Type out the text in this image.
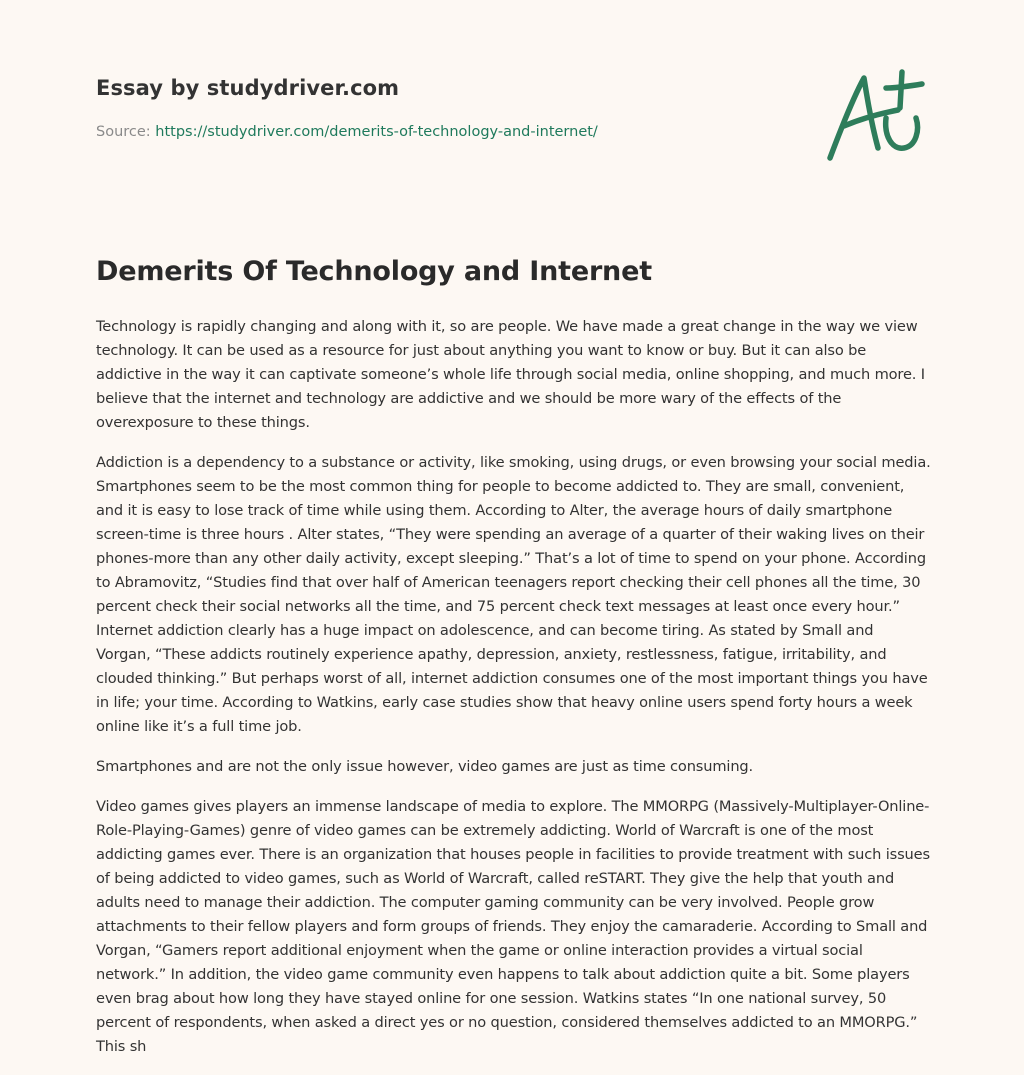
Essay by studydriver.com
Source: https://studydriver.com/demerits-of-technology-and-internet/
Demerits Of Technology and Internet

Technology is rapidly changing and along with it, so are people. We have made a great change in the way we view technology. It can be used as a resource for just about anything you want to know or buy. But it can also be addictive in the way it can captivate someone’s whole life through social media, online shopping, and much more. I believe that the internet and technology are addictive and we should be more wary of the effects of the overexposure to these things.

Addiction is a dependency to a substance or activity, like smoking, using drugs, or even browsing your social media. Smartphones seem to be the most common thing for people to become addicted to. They are small, convenient, and it is easy to lose track of time while using them. According to Alter, the average hours of daily smartphone screen-time is three hours . Alter states, “They were spending an average of a quarter of their waking lives on their phones-more than any other daily activity, except sleeping.” That’s a lot of time to spend on your phone. According to Abramovitz, “Studies find that over half of American teenagers report checking their cell phones all the time, 30 percent check their social networks all the time, and 75 percent check text messages at least once every hour.” Internet addiction clearly has a huge impact on adolescence, and can become tiring. As stated by Small and Vorgan, “These addicts routinely experience apathy, depression, anxiety, restlessness, fatigue, irritability, and clouded thinking.” But perhaps worst of all, internet addiction consumes one of the most important things you have in life; your time. According to Watkins, early case studies show that heavy online users spend forty hours a week online like it’s a full time job.

Smartphones and are not the only issue however, video games are just as time consuming.

Video games gives players an immense landscape of media to explore. The MMORPG (Massively-Multiplayer-Online-Role-Playing-Games) genre of video games can be extremely addicting. World of Warcraft is one of the most addicting games ever. There is an organization that houses people in facilities to provide treatment with such issues of being addicted to video games, such as World of Warcraft, called reSTART. They give the help that youth and adults need to manage their addiction. The computer gaming community can be very involved. People grow attachments to their fellow players and form groups of friends. They enjoy the camaraderie. According to Small and Vorgan, “Gamers report additional enjoyment when the game or online interaction provides a virtual social network.” In addition, the video game community even happens to talk about addiction quite a bit. Some players even brag about how long they have stayed online for one session. Watkins states “In one national survey, 50 percent of respondents, when asked a direct yes or no question, considered themselves addicted to an MMORPG.” This sh
